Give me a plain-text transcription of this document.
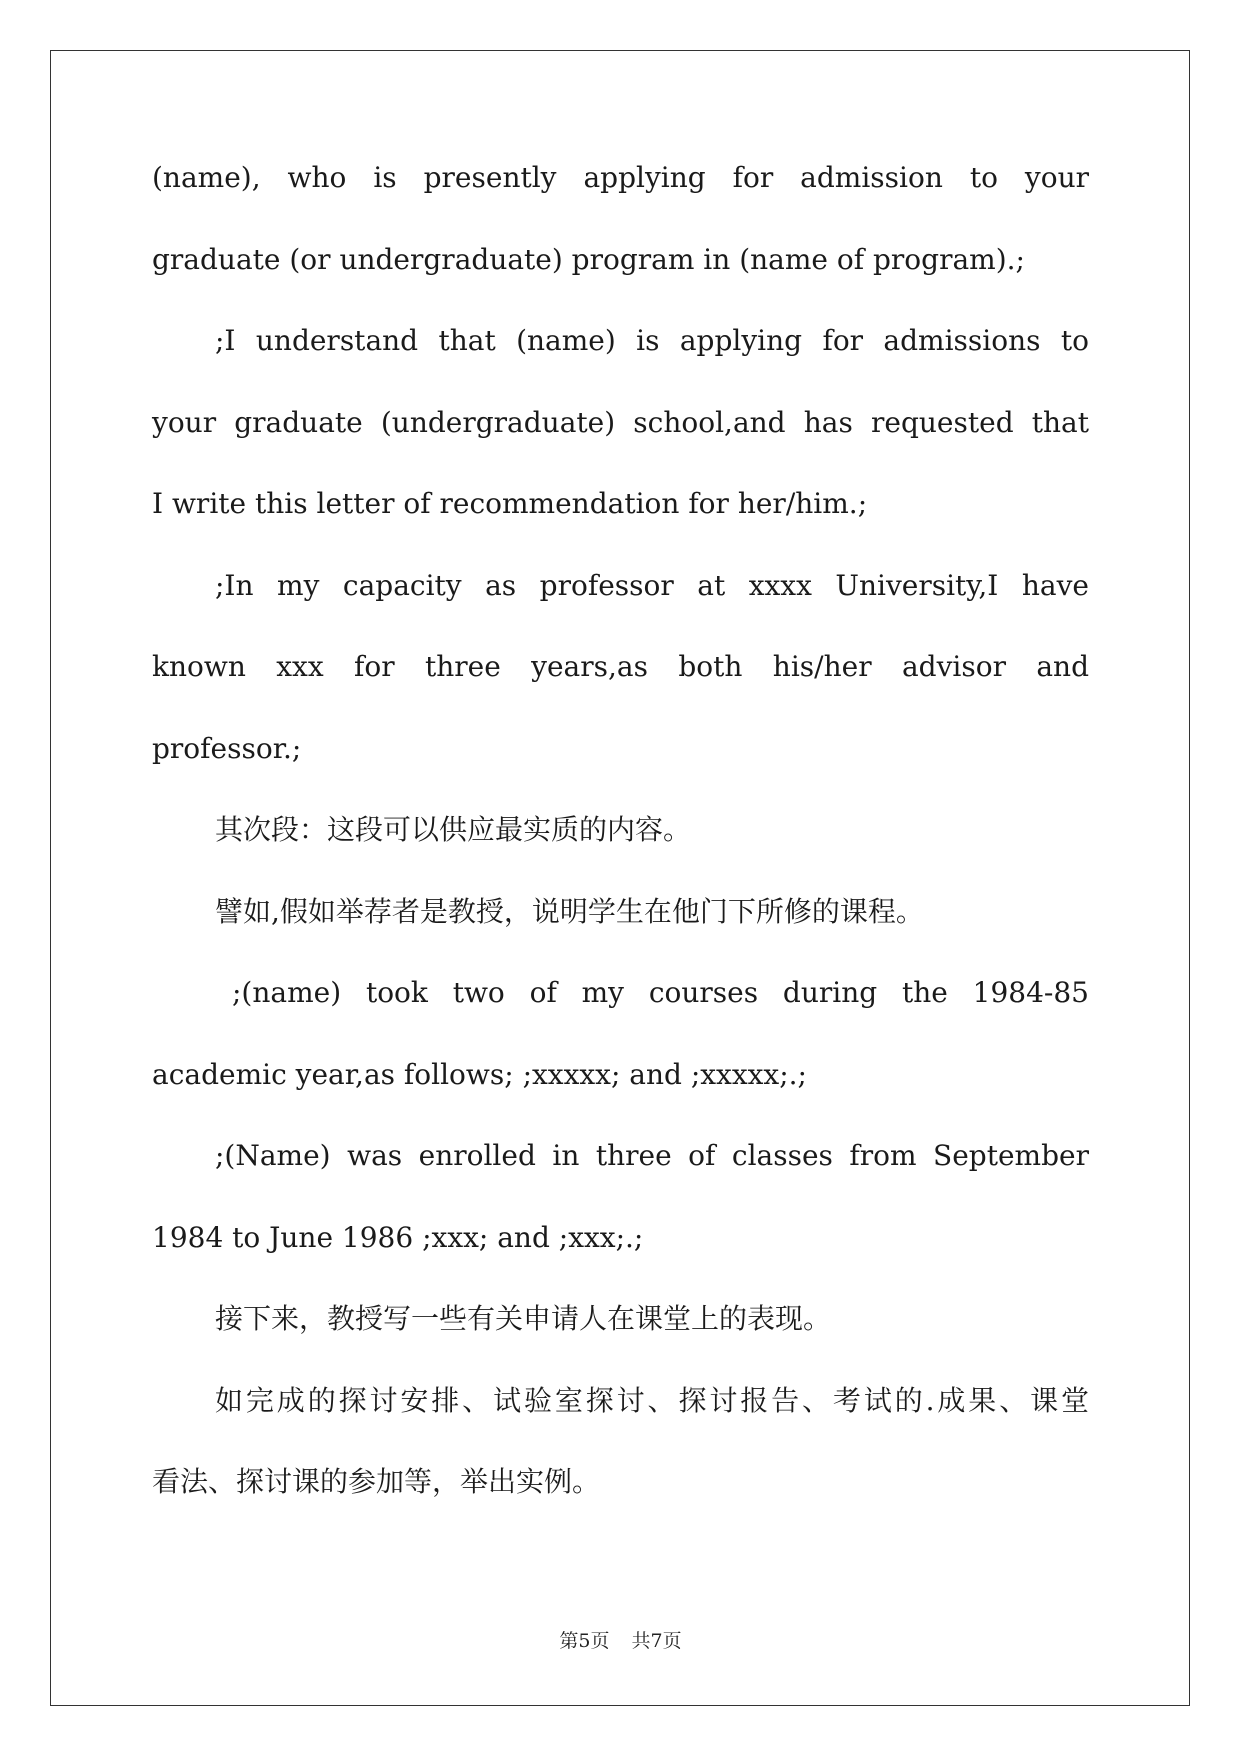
(name), who is presently applying for admission to your
graduate (or undergraduate) program in (name of program).;
;I understand that (name) is applying for admissions to
your graduate (undergraduate) school,and has requested that
I write this letter of recommendation for her/him.;
;In my capacity as professor at xxxx University,I have
known xxx for three years,as both his/her advisor and
professor.;
其次段：这段可以供应最实质的内容。
譬如,假如举荐者是教授，说明学生在他门下所修的课程。
;(name) took two of my courses during the 1984-85
academic year,as follows; ;xxxxx; and ;xxxxx;.;
;(Name) was enrolled in three of classes from September
1984 to June 1986 ;xxx; and ;xxx;.;
接下来，教授写一些有关申请人在课堂上的表现。
如完成的探讨安排、试验室探讨、探讨报告、考试的.成果、课堂
看法、探讨课的参加等，举出实例。
第5页 共7页
